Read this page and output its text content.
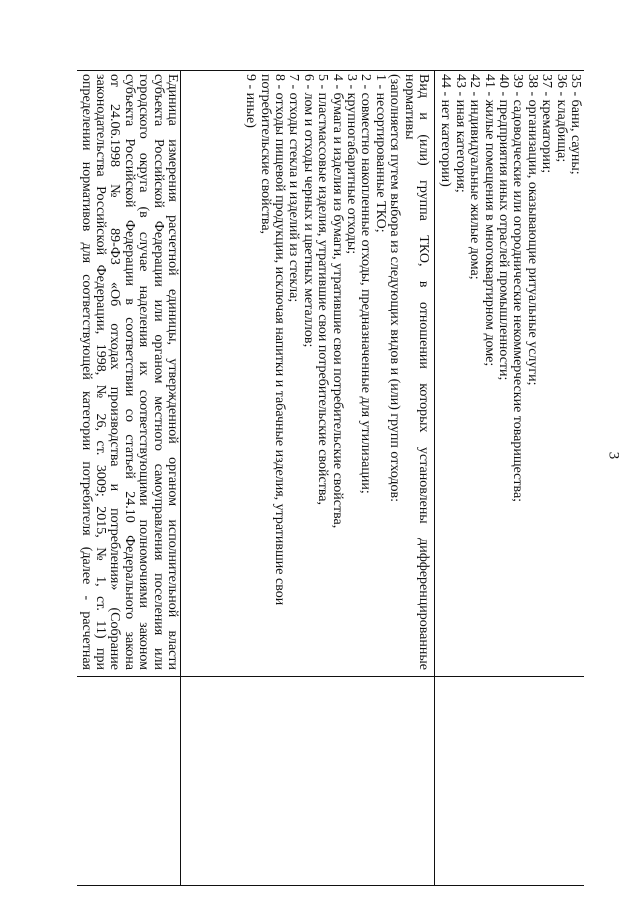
3

35 - бани, сауны;

36 - кладбища;

37 - крематории;

38 - организации, оказывающие ритуальные услуги;

39 - садоводческие или огороднические некоммерческие товарищества;

40 - предприятия иных отраслей промышленности;

41 - жилые помещения в многоквартирном доме;

42 - индивидуальные жилые дома;

43 - иная категория;

44 - нет категории)

Вид и (или) группа ТКО, в отношении которых установлены дифференцированные

нормативы

(заполняется путем выбора из следующих видов и (или) групп отходов:

1 - несортированные ТКО;

2 - совместно накопленные отходы, предназначенные для утилизации;

3 - крупногабаритные отходы;

4 - бумага и изделия из бумаги, утратившие свои потребительские свойства,

5 - пластмассовые изделия, утратившие свои потребительские свойства,

6 - лом и отходы черных и цветных металлов;

7 - отходы стекла и изделий из стекла;

8 - отходы пищевой продукции, исключая напитки и табачные изделия, утратившие свои

потребительские свойства,

9 - иные)

Единица измерения расчетной единицы, утвержденной органом исполнительной власти

субъекта Российской Федерации или органом местного самоуправления поселения или

городского округа (в случае наделения их соответствующими полномочиями законом

субъекта Российской Федерации в соответствии со статьей 24.10 Федерального закона

от 24.06.1998 № 89-ФЗ «Об отходах производства и потребления» (Собрание

законодательства Российской Федерации, 1998, № 26, ст. 3009; 2015, № 1, ст. 11) при

определении нормативов для соответствующей категории потребителя (далее - расчетная
